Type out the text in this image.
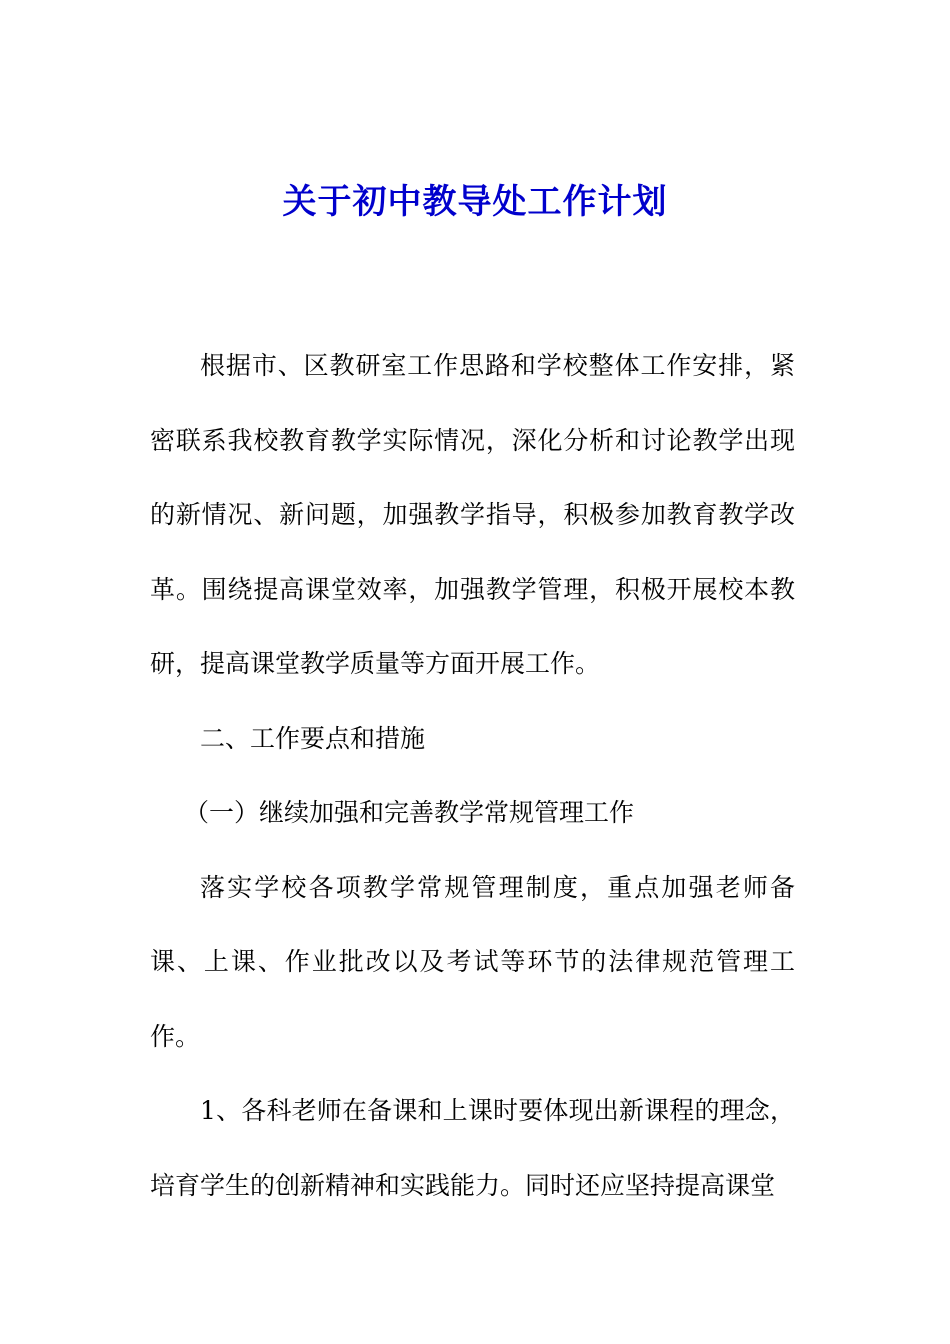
关于初中教导处工作计划

根据市、区教研室工作思路和学校整体工作安排，紧密联系我校教育教学实际情况，深化分析和讨论教学出现的新情况、新问题，加强教学指导，积极参加教育教学改革。围绕提高课堂效率，加强教学管理，积极开展校本教研，提高课堂教学质量等方面开展工作。

二、工作要点和措施

（一）继续加强和完善教学常规管理工作

落实学校各项教学常规管理制度，重点加强老师备课、上课、作业批改以及考试等环节的法律规范管理工作。

1、各科老师在备课和上课时要体现出新课程的理念，培育学生的创新精神和实践能力。同时还应坚持提高课堂
